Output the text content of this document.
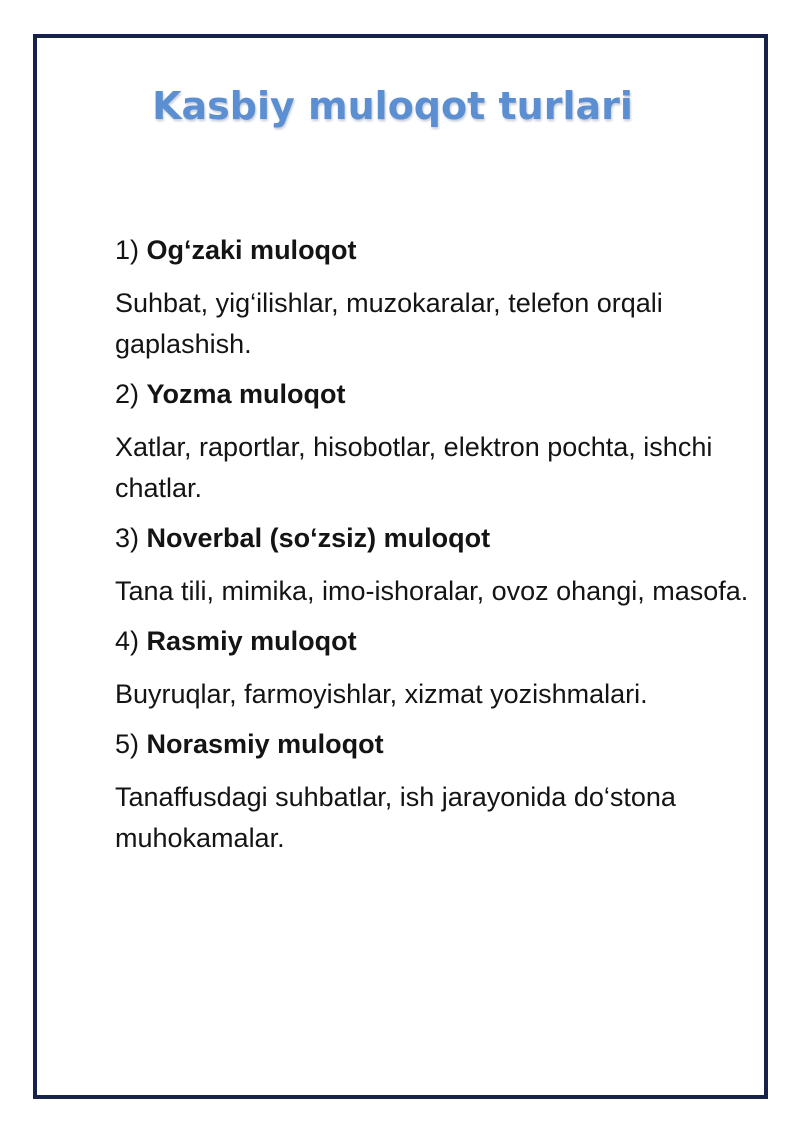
Kasbiy muloqot turlari

1) Og‘zaki muloqot

Suhbat, yig‘ilishlar, muzokaralar, telefon orqali gaplashish.

2) Yozma muloqot

Xatlar, raportlar, hisobotlar, elektron pochta, ishchi chatlar.

3) Noverbal (so‘zsiz) muloqot

Tana tili, mimika, imo-ishoralar, ovoz ohangi, masofa.

4) Rasmiy muloqot

Buyruqlar, farmoyishlar, xizmat yozishmalari.

5) Norasmiy muloqot

Tanaffusdagi suhbatlar, ish jarayonida do‘stona muhokamalar.
